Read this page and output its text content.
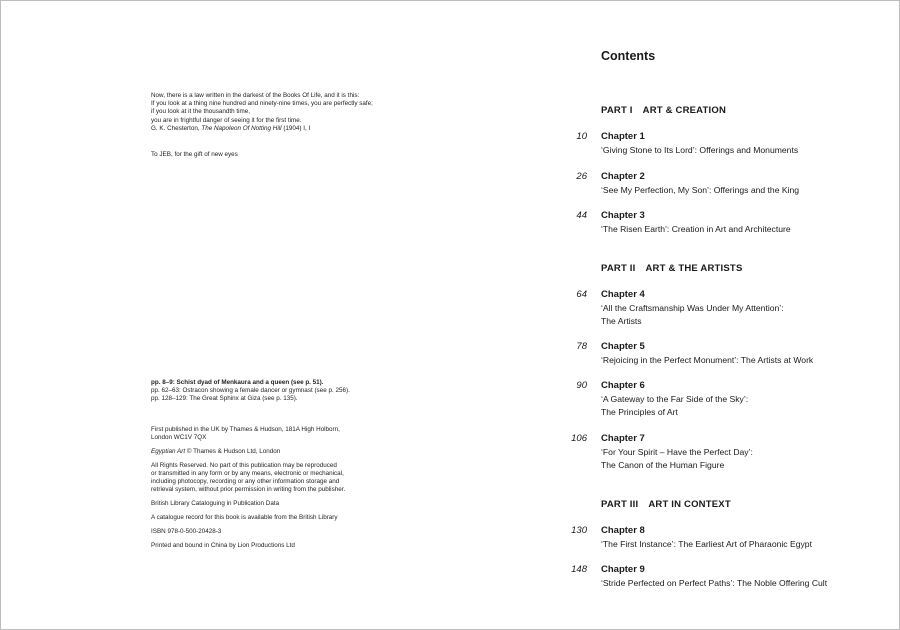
Now, there is a law written in the darkest of the Books Of Life, and it is this:

If you look at a thing nine hundred and ninety-nine times, you are perfectly safe;

if you look at it the thousandth time,

you are in frightful danger of seeing it for the first time.

G. K. Chesterton, The Napoleon Of Notting Hill (1904) I, I

To JEB, for the gift of new eyes

pp. 8–9: Schist dyad of Menkaura and a queen (see p. 51).

pp. 62–63: Ostracon showing a female dancer or gymnast (see p. 256).

pp. 128–129: The Great Sphinx at Giza (see p. 135).

First published in the UK by Thames & Hudson, 181A High Holborn,
London WC1V 7QX

Egyptian Art © Thames & Hudson Ltd, London

All Rights Reserved. No part of this publication may be reproduced
or transmitted in any form or by any means, electronic or mechanical,
including photocopy, recording or any other information storage and
retrieval system, without prior permission in writing from the publisher.

British Library Cataloguing in Publication Data

A catalogue record for this book is available from the British Library

ISBN 978-0-500-20428-3

Printed and bound in China by Lion Productions Ltd

Contents
PART I ART & CREATION
10 Chapter 1
‘Giving Stone to Its Lord’: Offerings and Monuments
26 Chapter 2
‘See My Perfection, My Son’: Offerings and the King
44 Chapter 3
‘The Risen Earth’: Creation in Art and Architecture
PART II ART & THE ARTISTS
64 Chapter 4
‘All the Craftsmanship Was Under My Attention’:
The Artists
78 Chapter 5
‘Rejoicing in the Perfect Monument’: The Artists at Work
90 Chapter 6
‘A Gateway to the Far Side of the Sky’:
The Principles of Art
106 Chapter 7
‘For Your Spirit – Have the Perfect Day’:
The Canon of the Human Figure
PART III ART IN CONTEXT
130 Chapter 8
‘The First Instance’: The Earliest Art of Pharaonic Egypt
148 Chapter 9
‘Stride Perfected on Perfect Paths’: The Noble Offering Cult
